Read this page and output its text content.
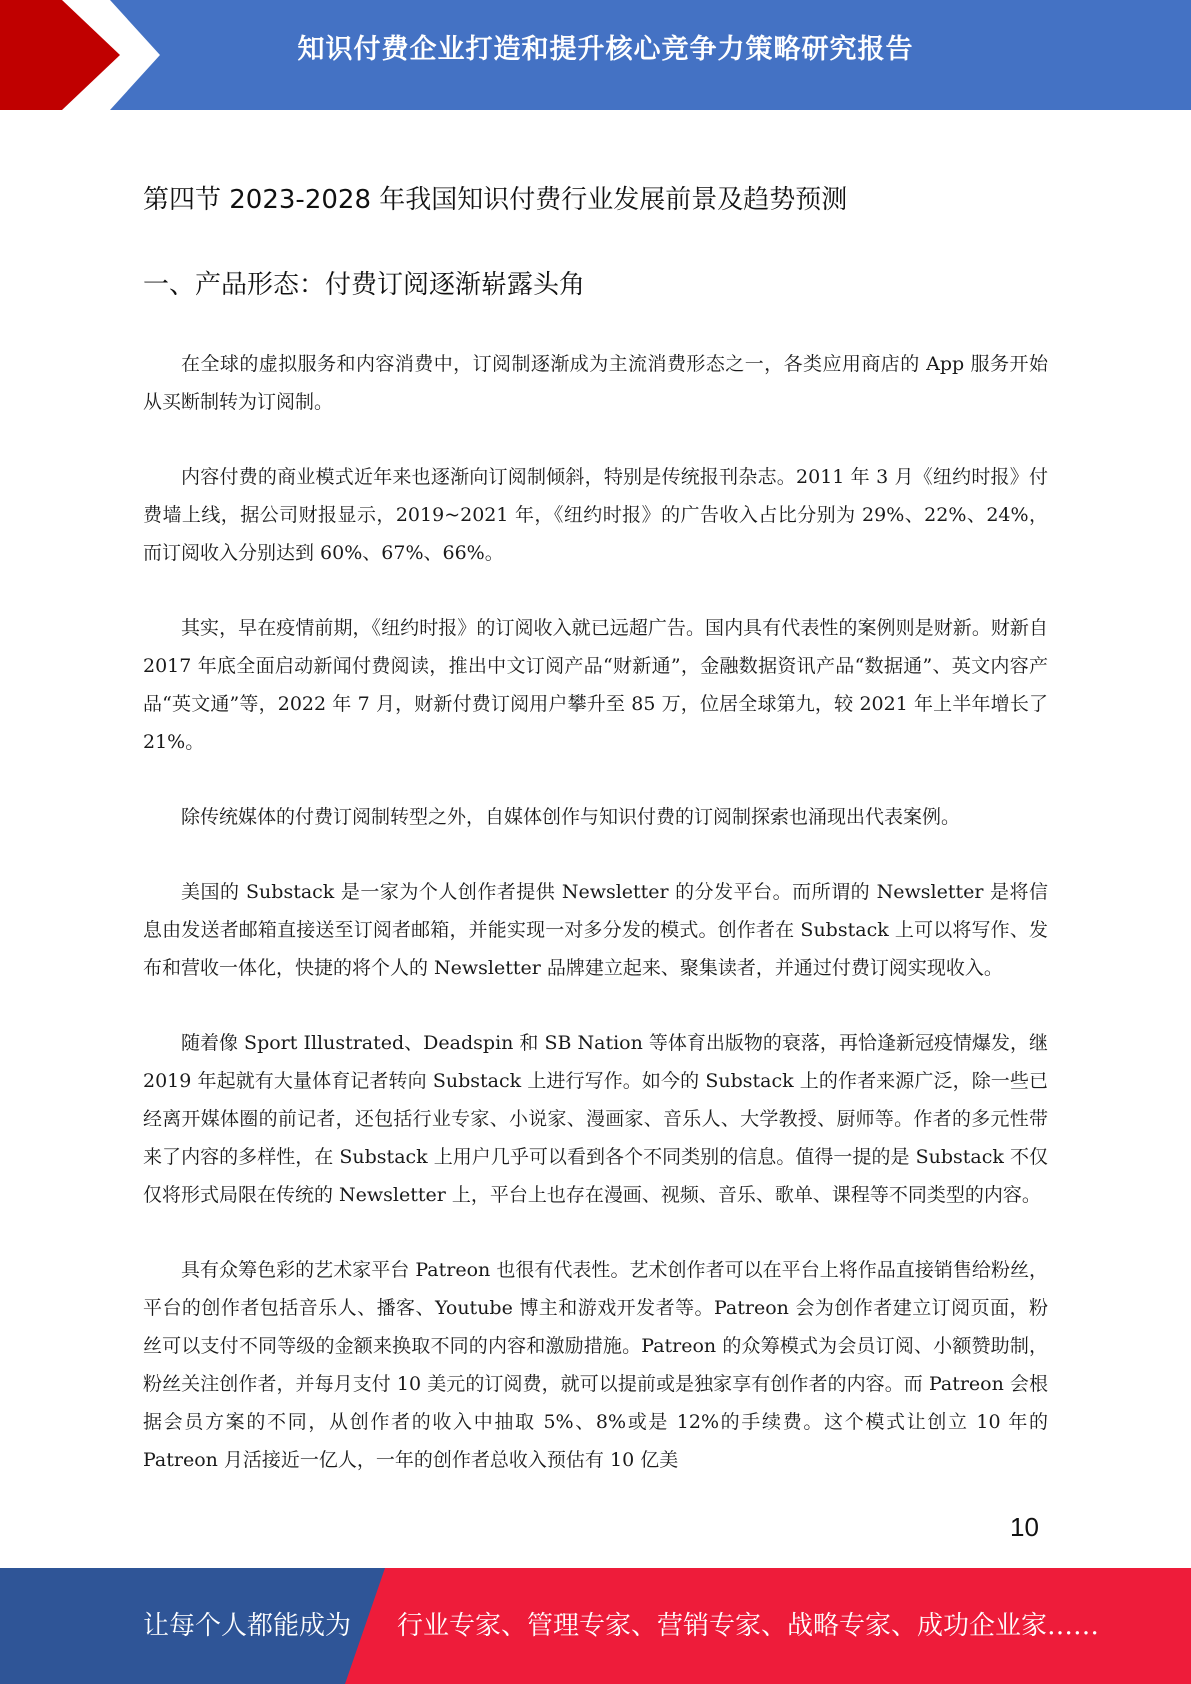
知识付费企业打造和提升核心竞争力策略研究报告
第四节 2023-2028 年我国知识付费行业发展前景及趋势预测
一、产品形态：付费订阅逐渐崭露头角

在全球的虚拟服务和内容消费中，订阅制逐渐成为主流消费形态之一，各类应用商店的 App 服务开始从买断制转为订阅制。

内容付费的商业模式近年来也逐渐向订阅制倾斜，特别是传统报刊杂志。2011 年 3 月《纽约时报》付费墙上线，据公司财报显示，2019~2021 年，《纽约时报》的广告收入占比分别为 29%、22%、24%，而订阅收入分别达到 60%、67%、66%。

其实，早在疫情前期，《纽约时报》的订阅收入就已远超广告。国内具有代表性的案例则是财新。财新自 2017 年底全面启动新闻付费阅读，推出中文订阅产品“财新通”，金融数据资讯产品“数据通”、英文内容产品“英文通”等，2022 年 7 月，财新付费订阅用户攀升至 85 万，位居全球第九，较 2021 年上半年增长了 21%。

除传统媒体的付费订阅制转型之外，自媒体创作与知识付费的订阅制探索也涌现出代表案例。

美国的 Substack 是一家为个人创作者提供 Newsletter 的分发平台。而所谓的 Newsletter 是将信息由发送者邮箱直接送至订阅者邮箱，并能实现一对多分发的模式。创作者在 Substack 上可以将写作、发布和营收一体化，快捷的将个人的 Newsletter 品牌建立起来、聚集读者，并通过付费订阅实现收入。

随着像 Sport Illustrated、Deadspin 和 SB Nation 等体育出版物的衰落，再恰逢新冠疫情爆发，继 2019 年起就有大量体育记者转向 Substack 上进行写作。如今的 Substack 上的作者来源广泛，除一些已经离开媒体圈的前记者，还包括行业专家、小说家、漫画家、音乐人、大学教授、厨师等。作者的多元性带来了内容的多样性，在 Substack 上用户几乎可以看到各个不同类别的信息。值得一提的是 Substack 不仅仅将形式局限在传统的 Newsletter 上，平台上也存在漫画、视频、音乐、歌单、课程等不同类型的内容。

具有众筹色彩的艺术家平台 Patreon 也很有代表性。艺术创作者可以在平台上将作品直接销售给粉丝，平台的创作者包括音乐人、播客、Youtube 博主和游戏开发者等。Patreon 会为创作者建立订阅页面，粉丝可以支付不同等级的金额来换取不同的内容和激励措施。Patreon 的众筹模式为会员订阅、小额赞助制，粉丝关注创作者，并每月支付 10 美元的订阅费，就可以提前或是独家享有创作者的内容。而 Patreon 会根据会员方案的不同，从创作者的收入中抽取 5%、8%或是 12%的手续费。这个模式让创立 10 年的 Patreon 月活接近一亿人，一年的创作者总收入预估有 10 亿美

10
让每个人都能成为 行业专家、管理专家、营销专家、战略专家、成功企业家……
